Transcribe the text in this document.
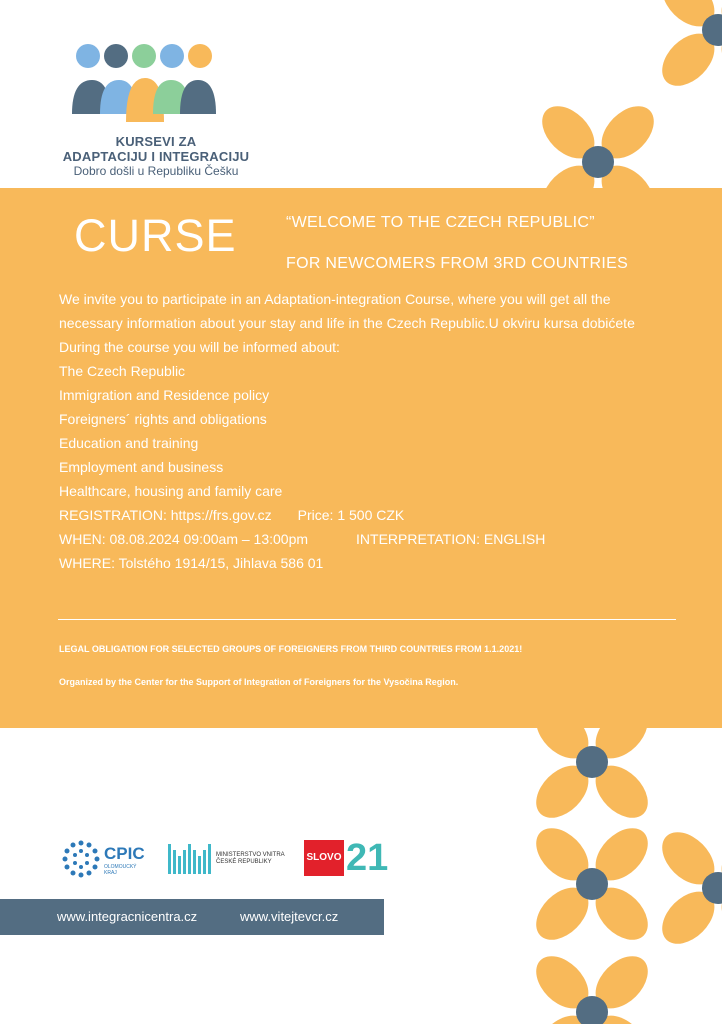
KURSEVI ZA
ADAPTACIJU I INTEGRACIJU
Dobro došli u Republiku Češku
CURSE	“WELCOME TO THE CZECH REPUBLIC”
FOR NEWCOMERS FROM 3RD COUNTRIES
We invite you to participate in an Adaptation-integration Course, where you will get all the
necessary information about your stay and life in the Czech Republic.U okviru kursa dobićete
During the course you will be informed about:
The Czech Republic
Immigration and Residence policy
Foreigners´ rights and obligations
Education and training
Employment and business
Healthcare, housing and family care
REGISTRATION: https://frs.gov.cz Price: 1 500 CZK
WHEN: 08.08.2024 09:00am – 13:00pm	INTERPRETATION: ENGLISH
WHERE: Tolstého 1914/15, Jihlava 586 01
LEGAL OBLIGATION FOR SELECTED GROUPS OF FOREIGNERS FROM THIRD COUNTRIES FROM 1.1.2021!
Organized by the Center for the Support of Integration of Foreigners for the Vysočina Region.
CPIC
OLOMOUCKÝ KRAJ
MINISTERSTVO VNITRA ČESKÉ REPUBLIKY	SLOVO 21
www.integracnicentra.cz	www.vitejtevcr.cz
